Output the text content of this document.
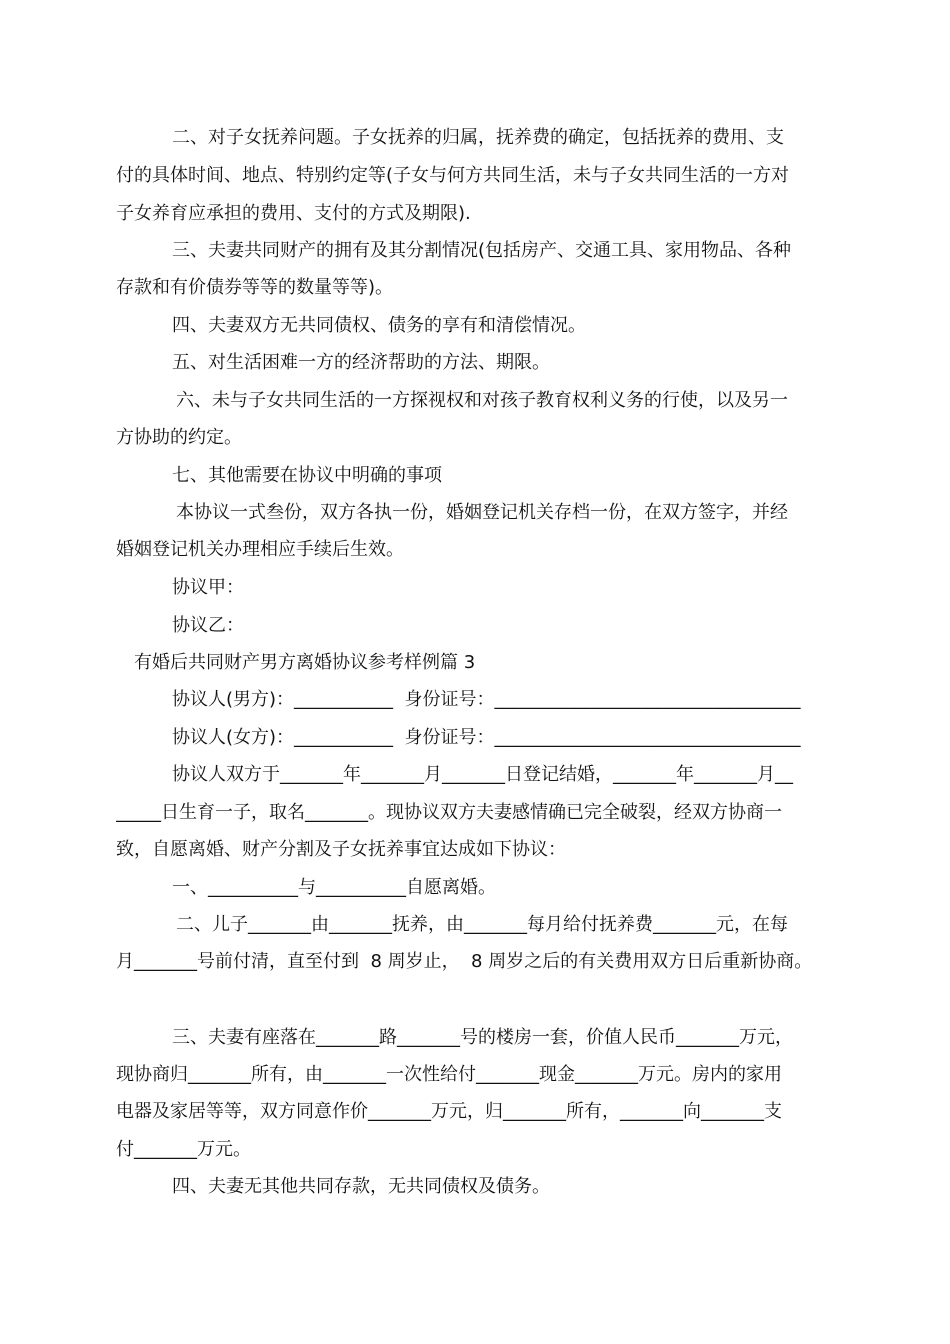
二、对子女抚养问题。子女抚养的归属，抚养费的确定，包括抚养的费用、支
付的具体时间、地点、特别约定等(子女与何方共同生活，未与子女共同生活的一方对
子女养育应承担的费用、支付的方式及期限).
三、夫妻共同财产的拥有及其分割情况(包括房产、交通工具、家用物品、各种
存款和有价债券等等的数量等等)。
四、夫妻双方无共同债权、债务的享有和清偿情况。
五、对生活困难一方的经济帮助的方法、期限。
六、未与子女共同生活的一方探视权和对孩子教育权利义务的行使，以及另一
方协助的约定。
七、其他需要在协议中明确的事项
本协议一式叁份，双方各执一份，婚姻登记机关存档一份，在双方签字，并经
婚姻登记机关办理相应手续后生效。
协议甲：
协议乙：
有婚后共同财产男方离婚协议参考样例篇 3
协议人(男方)：___________  身份证号：__________________________________
协议人(女方)：___________  身份证号：__________________________________
协议人双方于_______年_______月_______日登记结婚，_______年_______月__
_____日生育一子，取名_______。现协议双方夫妻感情确已完全破裂，经双方协商一
致，自愿离婚、财产分割及子女抚养事宜达成如下协议：
一、__________与__________自愿离婚。
二、儿子_______由_______抚养，由_______每月给付抚养费_______元，在每
月_______号前付清，直至付到  8 周岁止，  8 周岁之后的有关费用双方日后重新协商。
三、夫妻有座落在_______路_______号的楼房一套，价值人民币_______万元，
现协商归_______所有，由_______一次性给付_______现金_______万元。房内的家用
电器及家居等等，双方同意作价_______万元，归_______所有，_______向_______支
付_______万元。
四、夫妻无其他共同存款，无共同债权及债务。
